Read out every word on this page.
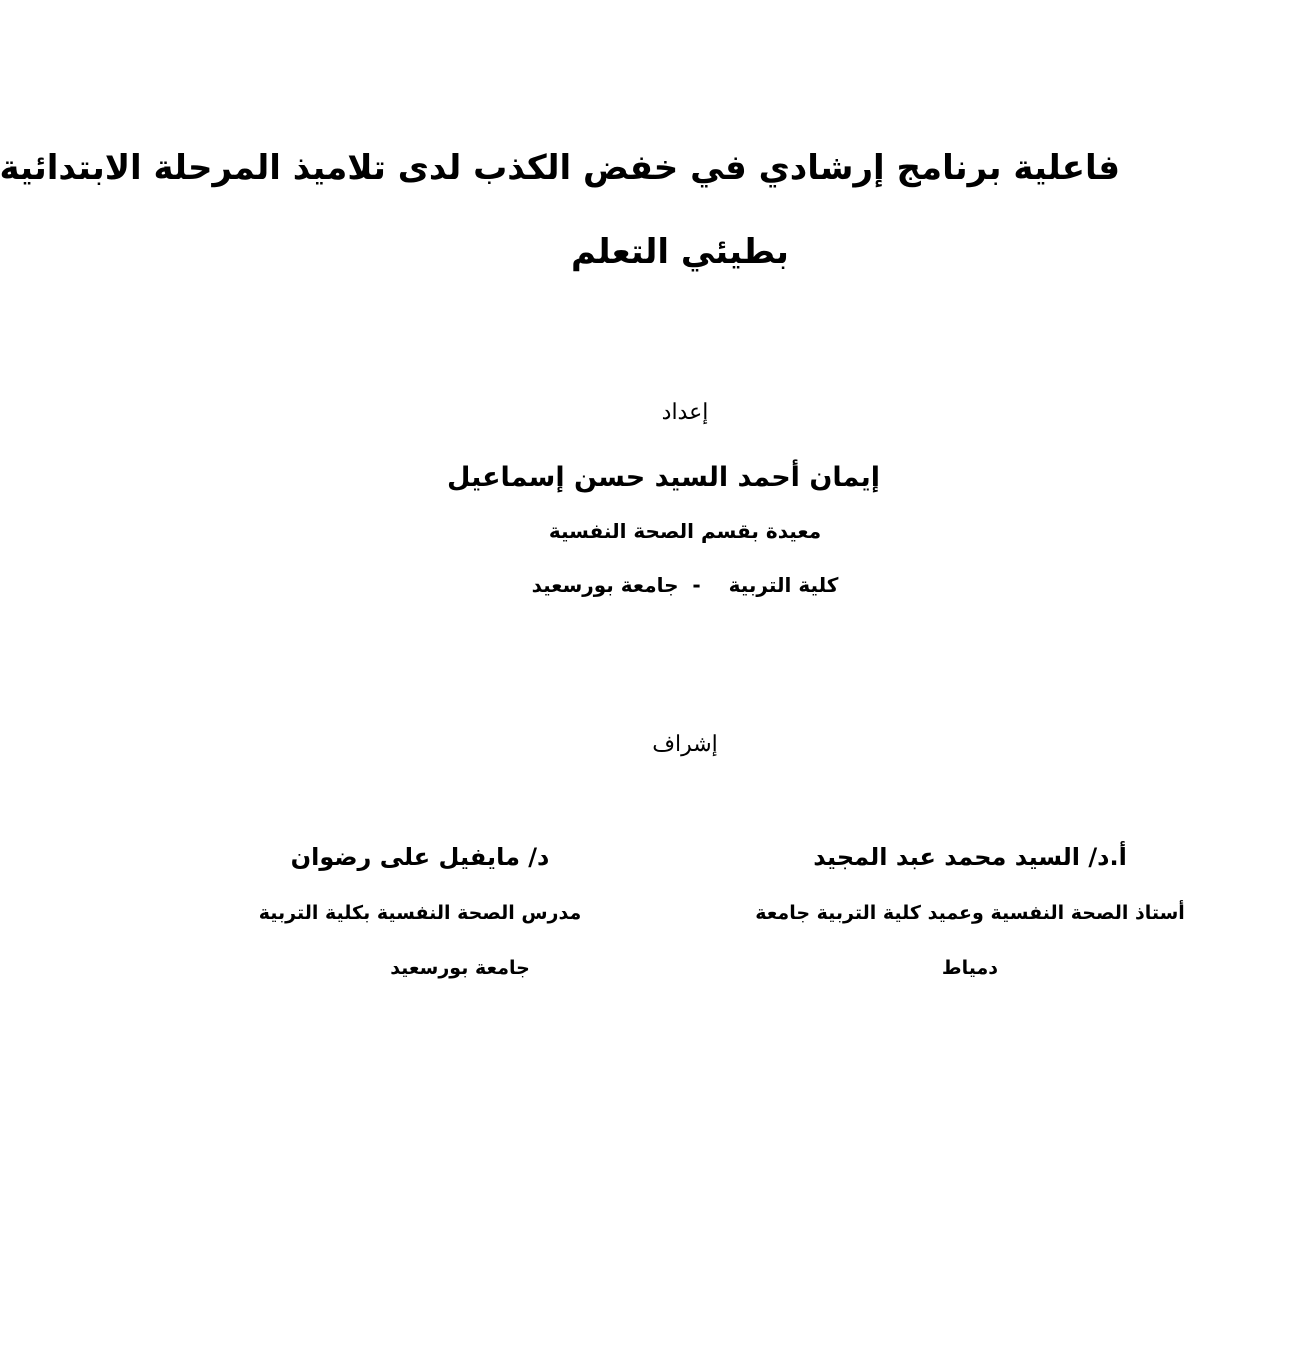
فاعلية برنامج إرشادي في خفض الكذب لدى تلاميذ المرحلة الابتدائية
بطيئي التعلم
إعداد
إيمان أحمد السيد حسن إسماعيل
معيدة بقسم الصحة النفسية
كلية التربية    -  جامعة بورسعيد
إشراف
أ.د/ السيد محمد عبد المجيد
أستاذ الصحة النفسية وعميد كلية التربية جامعة
دمياط
د/ مايفيل على رضوان
مدرس الصحة النفسية بكلية التربية
جامعة بورسعيد
